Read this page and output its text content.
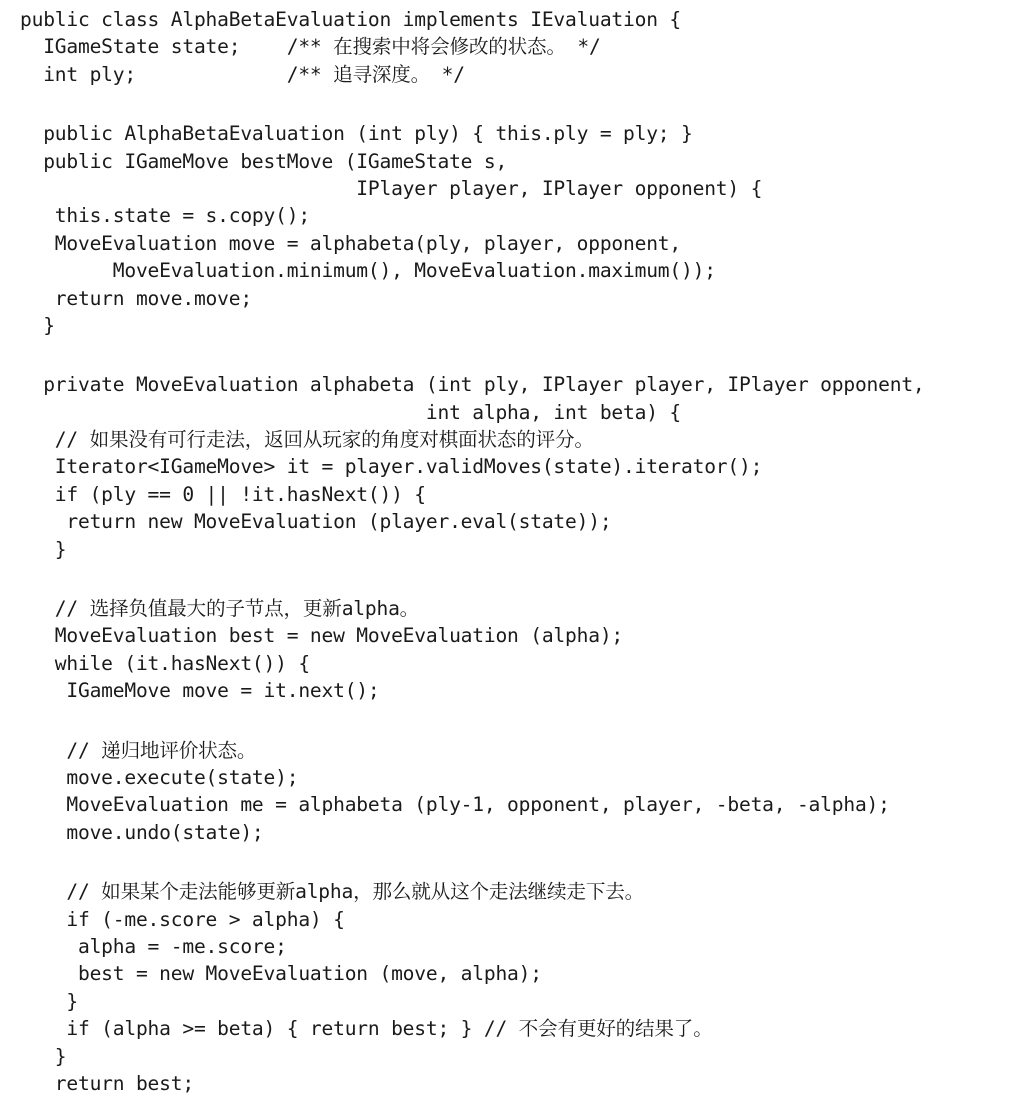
public class AlphaBetaEvaluation implements IEvaluation {
IGameState state;    /** 在搜索中将会修改的状态。 */
int ply;             /** 追寻深度。 */
public AlphaBetaEvaluation (int ply) { this.ply = ply; }
public IGameMove bestMove (IGameState s,
IPlayer player, IPlayer opponent) {
this.state = s.copy();
MoveEvaluation move = alphabeta(ply, player, opponent,
MoveEvaluation.minimum(), MoveEvaluation.maximum());
return move.move;
}
private MoveEvaluation alphabeta (int ply, IPlayer player, IPlayer opponent,
int alpha, int beta) {
// 如果没有可行走法，返回从玩家的角度对棋面状态的评分。
Iterator<IGameMove> it = player.validMoves(state).iterator();
if (ply == 0 || !it.hasNext()) {
return new MoveEvaluation (player.eval(state));
}
// 选择负值最大的子节点，更新alpha。
MoveEvaluation best = new MoveEvaluation (alpha);
while (it.hasNext()) {
IGameMove move = it.next();
// 递归地评价状态。
move.execute(state);
MoveEvaluation me = alphabeta (ply-1, opponent, player, -beta, -alpha);
move.undo(state);
// 如果某个走法能够更新alpha，那么就从这个走法继续走下去。
if (-me.score > alpha) {
alpha = -me.score;
best = new MoveEvaluation (move, alpha);
}
if (alpha >= beta) { return best; } // 不会有更好的结果了。
}
return best;
